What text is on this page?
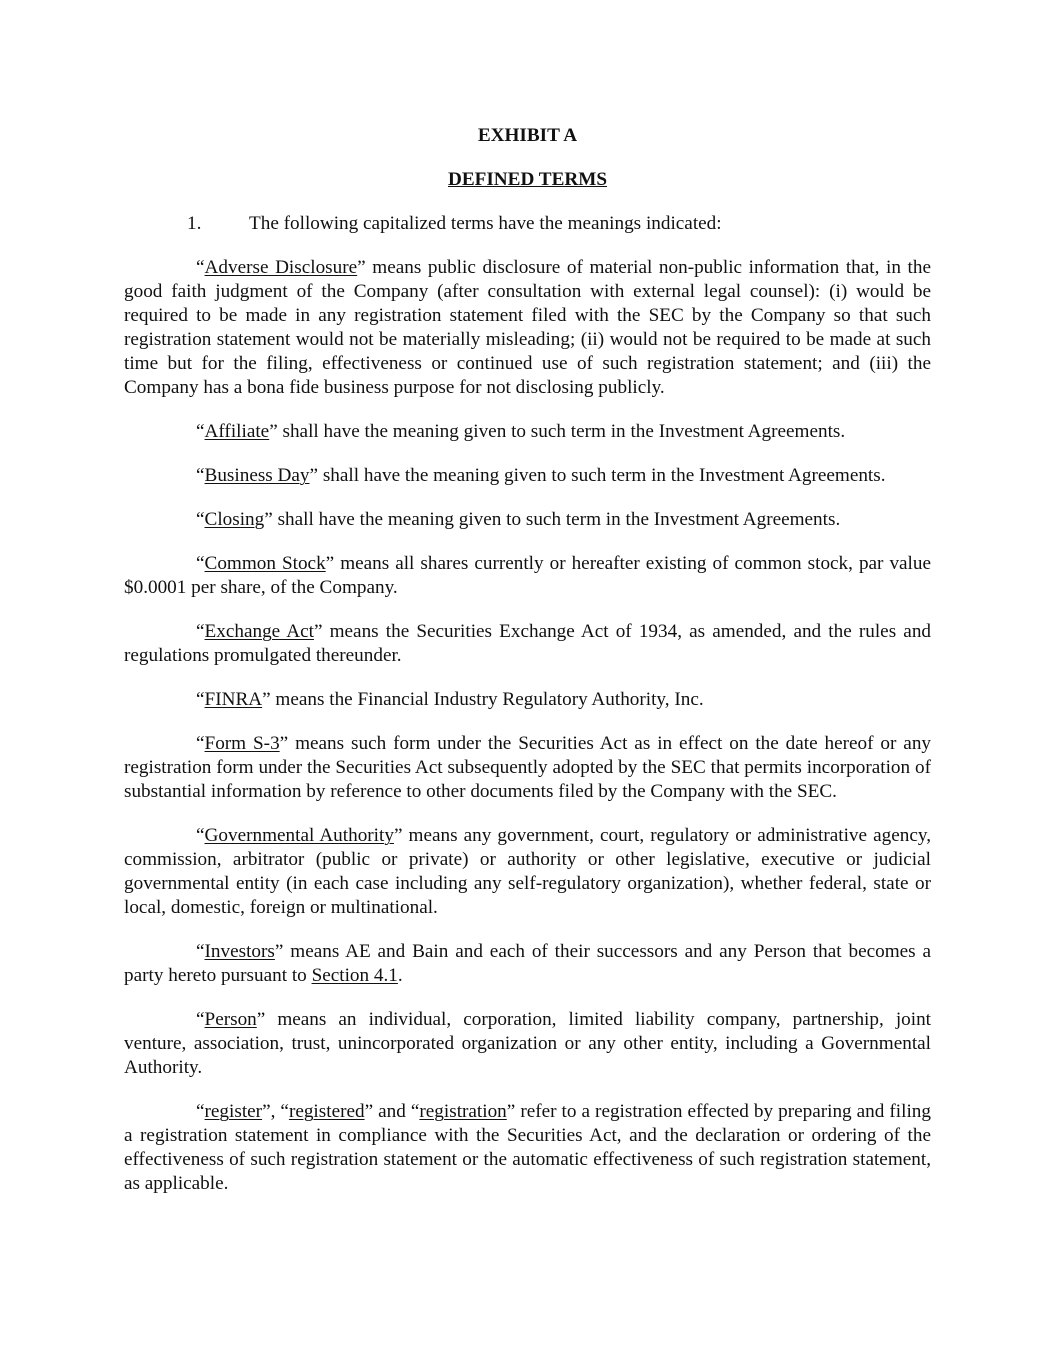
EXHIBIT A

DEFINED TERMS

1. The following capitalized terms have the meanings indicated:

“Adverse Disclosure” means public disclosure of material non-public information that, in the good faith judgment of the Company (after consultation with external legal counsel): (i) would be required to be made in any registration statement filed with the SEC by the Company so that such registration statement would not be materially misleading; (ii) would not be required to be made at such time but for the filing, effectiveness or continued use of such registration statement; and (iii) the Company has a bona fide business purpose for not disclosing publicly.

“Affiliate” shall have the meaning given to such term in the Investment Agreements.

“Business Day” shall have the meaning given to such term in the Investment Agreements.

“Closing” shall have the meaning given to such term in the Investment Agreements.

“Common Stock” means all shares currently or hereafter existing of common stock, par value $0.0001 per share, of the Company.

“Exchange Act” means the Securities Exchange Act of 1934, as amended, and the rules and regulations promulgated thereunder.

“FINRA” means the Financial Industry Regulatory Authority, Inc.

“Form S-3” means such form under the Securities Act as in effect on the date hereof or any registration form under the Securities Act subsequently adopted by the SEC that permits incorporation of substantial information by reference to other documents filed by the Company with the SEC.

“Governmental Authority” means any government, court, regulatory or administrative agency, commission, arbitrator (public or private) or authority or other legislative, executive or judicial governmental entity (in each case including any self-regulatory organization), whether federal, state or local, domestic, foreign or multinational.

“Investors” means AE and Bain and each of their successors and any Person that becomes a party hereto pursuant to Section 4.1.

“Person” means an individual, corporation, limited liability company, partnership, joint venture, association, trust, unincorporated organization or any other entity, including a Governmental Authority.

“register”, “registered” and “registration” refer to a registration effected by preparing and filing a registration statement in compliance with the Securities Act, and the declaration or ordering of the effectiveness of such registration statement or the automatic effectiveness of such registration statement, as applicable.
